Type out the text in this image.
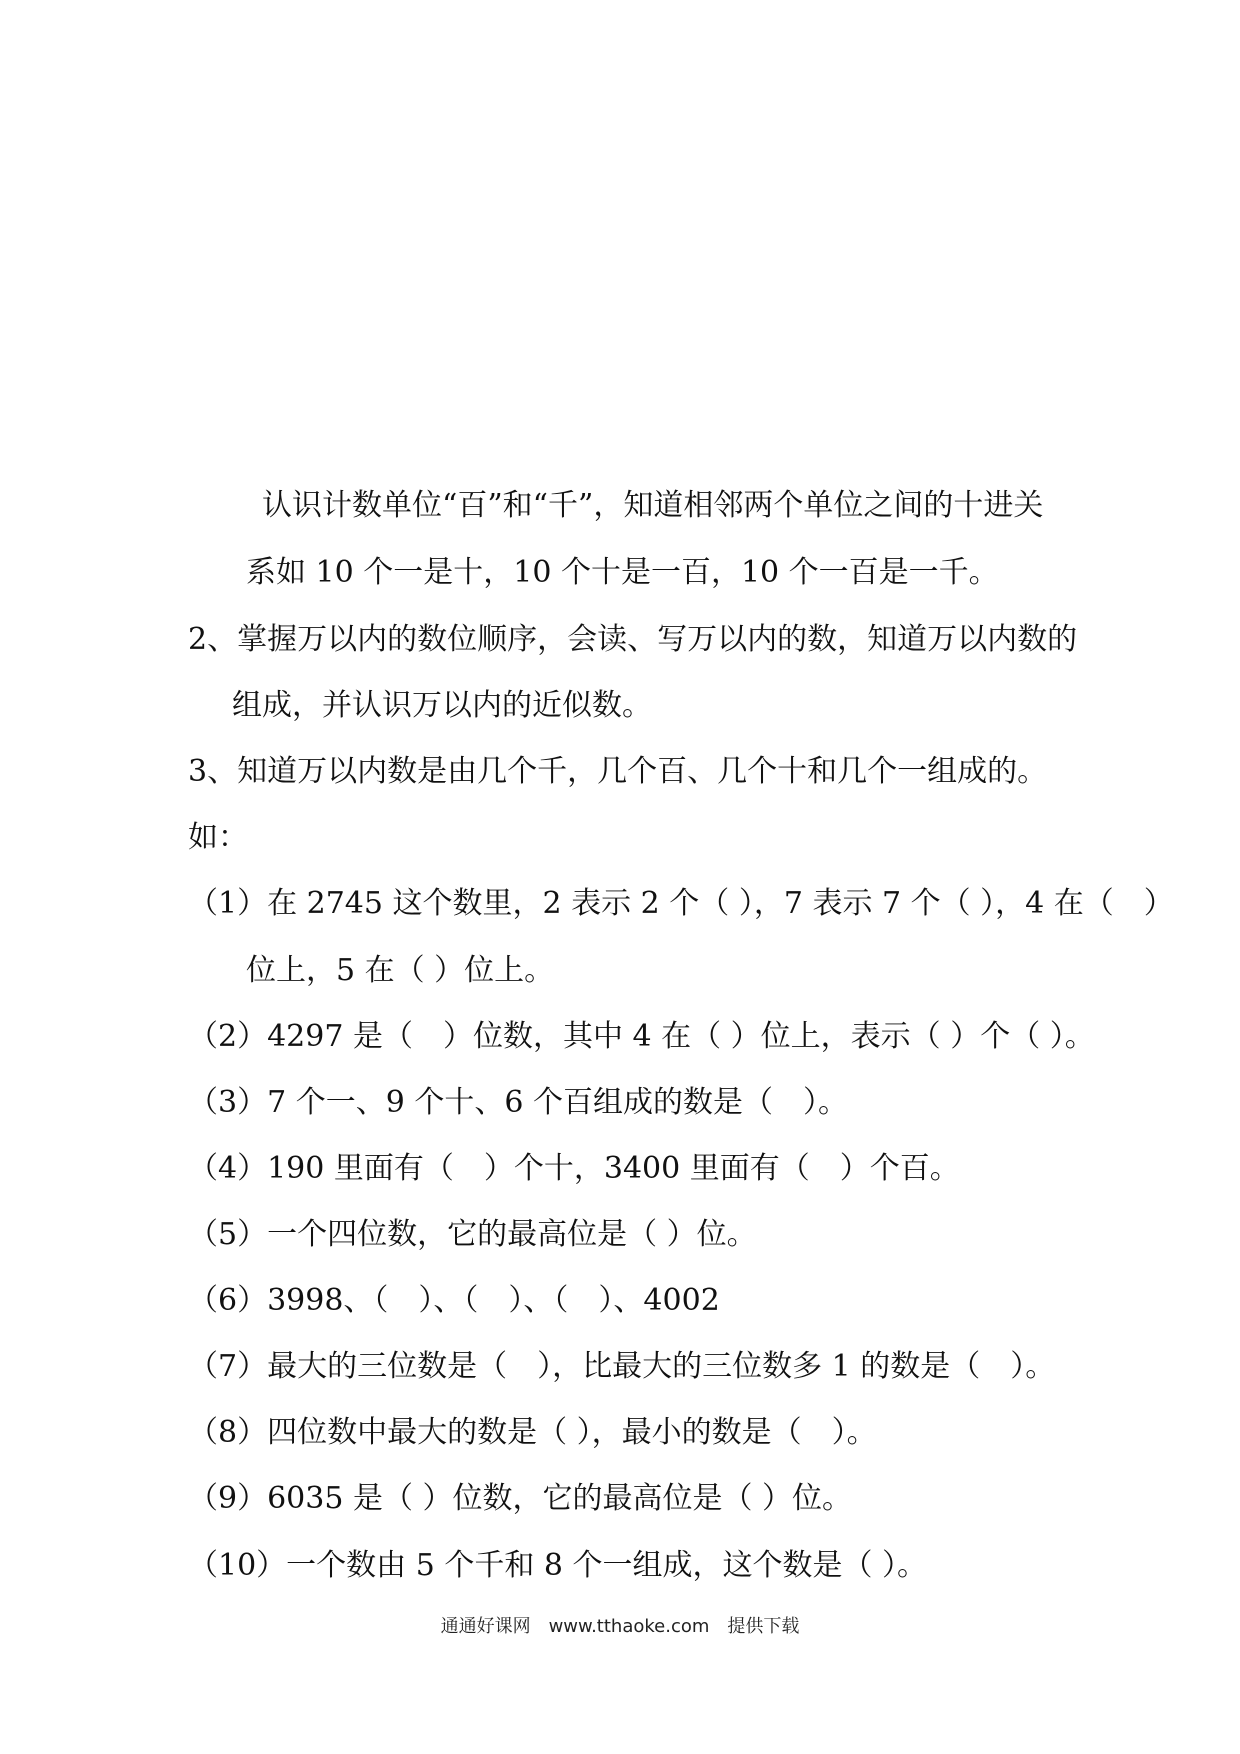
认识计数单位“百”和“千”，知道相邻两个单位之间的十进关
系如 10 个一是十，10 个十是一百，10 个一百是一千。
2、掌握万以内的数位顺序，会读、写万以内的数，知道万以内数的
组成，并认识万以内的近似数。
3、知道万以内数是由几个千，几个百、几个十和几个一组成的。
如：
（1）在 2745 这个数里，2 表示 2 个（ ），7 表示 7 个（ ），4 在（　）
位上，5 在（ ）位上。
（2）4297 是（　）位数，其中 4 在（ ）位上，表示（ ）个（ ）。
（3）7 个一、9 个十、6 个百组成的数是（　）。
（4）190 里面有（　）个十，3400 里面有（　）个百。
（5）一个四位数，它的最高位是（ ）位。
（6）3998、（　）、（　）、（　）、4002
（7）最大的三位数是（　），比最大的三位数多 1 的数是（　）。
（8）四位数中最大的数是（ ），最小的数是（　）。
（9）6035 是（ ）位数，它的最高位是（ ）位。
（10）一个数由 5 个千和 8 个一组成，这个数是（ ）。
通通好课网　www.tthaoke.com　提供下载
